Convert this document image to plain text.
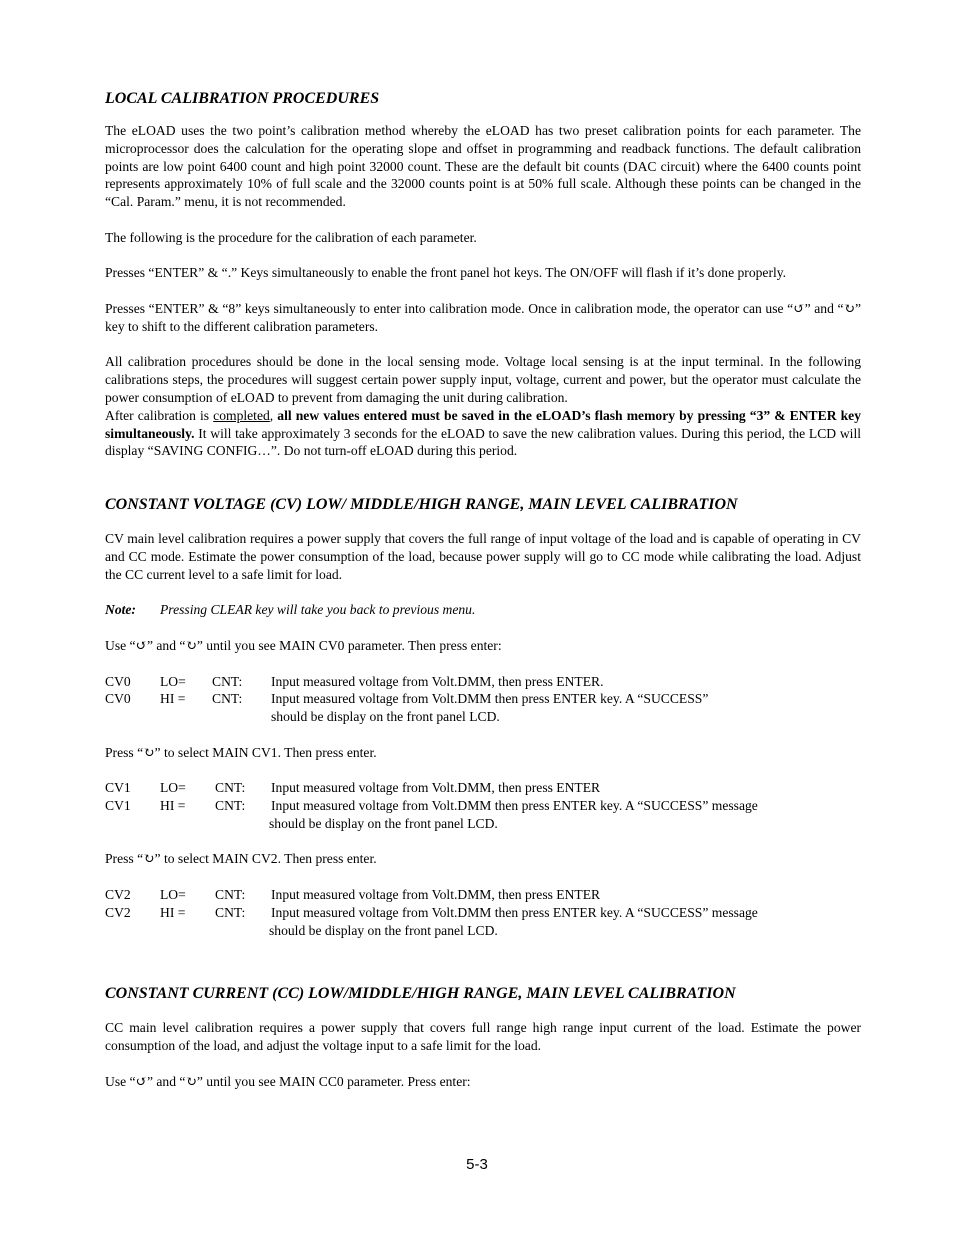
LOCAL CALIBRATION PROCEDURES

The eLOAD uses the two point’s calibration method whereby the eLOAD has two preset calibration points for each parameter. The microprocessor does the calculation for the operating slope and offset in programming and readback functions. The default calibration points are low point 6400 count and high point 32000 count. These are the default bit counts (DAC circuit) where the 6400 counts point represents approximately 10% of full scale and the 32000 counts point is at 50% full scale. Although these points can be changed in the “Cal. Param.” menu, it is not recommended.

The following is the procedure for the calibration of each parameter.

Presses “ENTER” & “.” Keys simultaneously to enable the front panel hot keys. The ON/OFF will flash if it’s done properly.

Presses “ENTER” & “8” keys simultaneously to enter into calibration mode. Once in calibration mode, the operator can use “↺” and “↻” key to shift to the different calibration parameters.

All calibration procedures should be done in the local sensing mode. Voltage local sensing is at the input terminal. In the following calibrations steps, the procedures will suggest certain power supply input, voltage, current and power, but the operator must calculate the power consumption of eLOAD to prevent from damaging the unit during calibration.

After calibration is completed, all new values entered must be saved in the eLOAD’s flash memory by pressing “3” & ENTER key simultaneously. It will take approximately 3 seconds for the eLOAD to save the new calibration values. During this period, the LCD will display “SAVING CONFIG…”. Do not turn-off eLOAD during this period.

CONSTANT VOLTAGE (CV) LOW/ MIDDLE/HIGH RANGE, MAIN LEVEL CALIBRATION

CV main level calibration requires a power supply that covers the full range of input voltage of the load and is capable of operating in CV and CC mode. Estimate the power consumption of the load, because power supply will go to CC mode while calibrating the load. Adjust the CC current level to a safe limit for load.

Note: Pressing CLEAR key will take you back to previous menu.

Use “↺” and “↻” until you see MAIN CV0 parameter. Then press enter:

CV0	LO=	CNT:	Input measured voltage from Volt.DMM, then press ENTER.
CV0	HI =	CNT:	Input measured voltage from Volt.DMM then press ENTER key. A “SUCCESS”
should be display on the front panel LCD.

Press “↻” to select MAIN CV1. Then press enter.

CV1	LO=	CNT:	Input measured voltage from Volt.DMM, then press ENTER
CV1	HI =	CNT:	Input measured voltage from Volt.DMM then press ENTER key. A “SUCCESS” message
should be display on the front panel LCD.

Press “↻” to select MAIN CV2. Then press enter.

CV2	LO=	CNT:	Input measured voltage from Volt.DMM, then press ENTER
CV2	HI =	CNT:	Input measured voltage from Volt.DMM then press ENTER key. A “SUCCESS” message
should be display on the front panel LCD.
CONSTANT CURRENT (CC) LOW/MIDDLE/HIGH RANGE, MAIN LEVEL CALIBRATION

CC main level calibration requires a power supply that covers full range high range input current of the load. Estimate the power consumption of the load, and adjust the voltage input to a safe limit for the load.

Use “↺” and “↻” until you see MAIN CC0 parameter. Press enter:

5-3
